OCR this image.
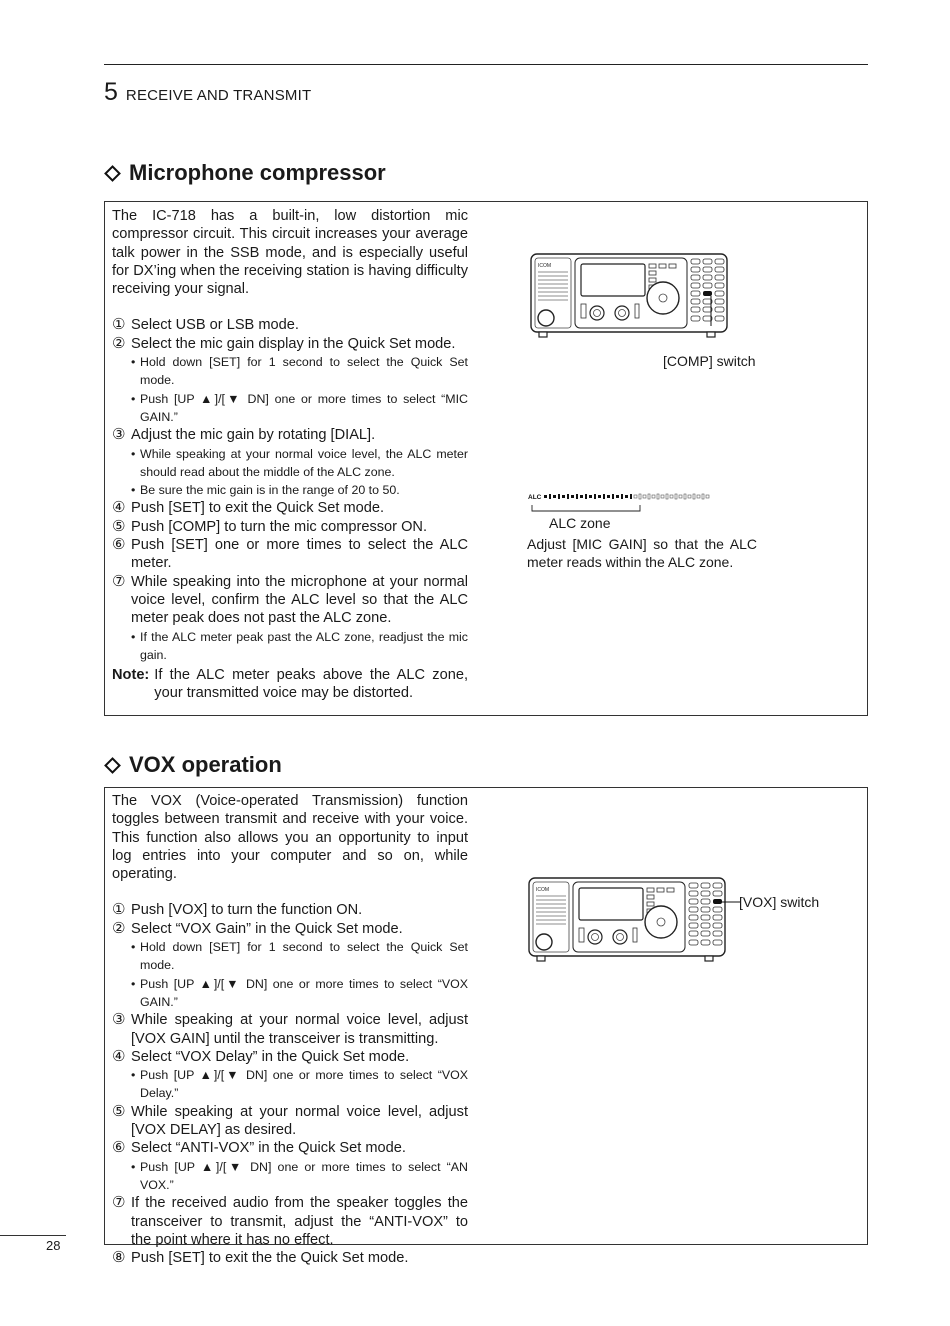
5 RECEIVE AND TRANSMIT
Microphone compressor

The IC-718 has a built-in, low distortion mic compressor circuit. This circuit increases your average talk power in the SSB mode, and is especially useful for DX’ing when the receiving station is having difficulty receiving your signal.

① Select USB or LSB mode.
② Select the mic gain display in the Quick Set mode.
• Hold down [SET] for 1 second to select the Quick Set mode.
• Push [UP ▲]/[▼ DN] one or more times to select “MIC GAIN.”
③ Adjust the mic gain by rotating [DIAL].
• While speaking at your normal voice level, the ALC meter should read about the middle of the ALC zone.
• Be sure the mic gain is in the range of 20 to 50.
④ Push [SET] to exit the Quick Set mode.
⑤ Push [COMP] to turn the mic compressor ON.
⑥ Push [SET] one or more times to select the ALC meter.
⑦ While speaking into the microphone at your normal voice level, confirm the ALC level so that the ALC meter peak does not past the ALC zone.
• If the ALC meter peak past the ALC zone, readjust the mic gain.
Note: If the ALC meter peaks above the ALC zone, your transmitted voice may be distorted.
ICOM
[COMP] switch
ALC
ALC zone
Adjust [MIC GAIN] so that the ALC meter reads within the ALC zone.
VOX operation

The VOX (Voice-operated Transmission) function toggles between transmit and receive with your voice. This function also allows you an opportunity to input log entries into your computer and so on, while operating.

① Push [VOX] to turn the function ON.
② Select “VOX Gain” in the Quick Set mode.
• Hold down [SET] for 1 second to select the Quick Set mode.
• Push [UP ▲]/[▼ DN] one or more times to select “VOX GAIN.”
③ While speaking at your normal voice level, adjust [VOX GAIN] until the transceiver is transmitting.
④ Select “VOX Delay” in the Quick Set mode.
• Push [UP ▲]/[▼ DN] one or more times to select “VOX Delay.”
⑤ While speaking at your normal voice level, adjust [VOX DELAY] as desired.
⑥ Select “ANTI-VOX” in the Quick Set mode.
• Push [UP ▲]/[▼ DN] one or more times to select “AN VOX.”
⑦ If the received audio from the speaker toggles the transceiver to transmit, adjust the “ANTI-VOX” to the point where it has no effect.
⑧ Push [SET] to exit the the Quick Set mode.
ICOM
[VOX] switch
28
